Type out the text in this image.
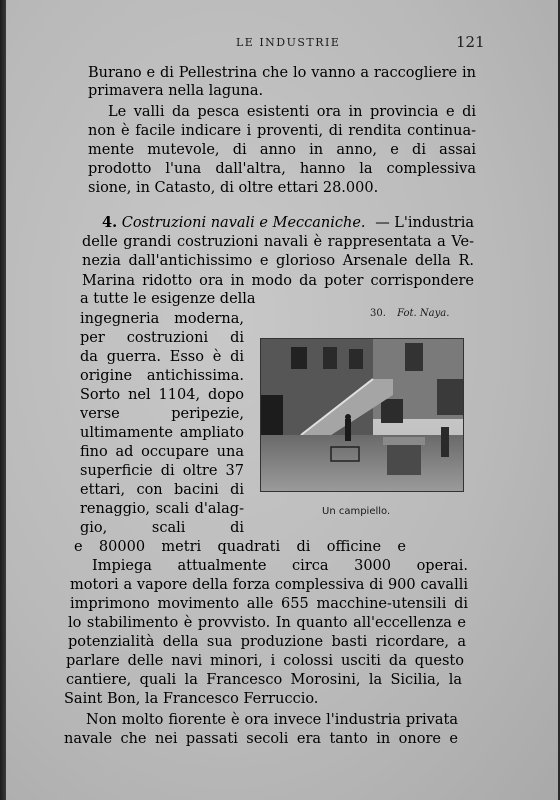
LE INDUSTRIE	121
Burano e di Pellestrina che lo vanno a raccogliere in
primavera nella laguna.
Le valli da pesca esistenti ora in provincia e di
non è facile indicare i proventi, di rendita continua-
mente mutevole, di anno in anno, e di assai
prodotto l'una dall'altra, hanno la complessiva
sione, in Catasto, di oltre ettari 28.000.
4. Costruzioni navali e Meccaniche. — L'industria
delle grandi costruzioni navali è rappresentata a Ve-
nezia dall'antichissimo e glorioso Arsenale della R.
Marina ridotto ora in modo da poter corrispondere
a tutte le esigenze della
ingegneria moderna,
per costruzioni di
da guerra. Esso è di
origine antichissima.
Sorto nel 1104, dopo
verse peripezie,
ultimamente ampliato
fino ad occupare una
superficie di oltre 37
ettari, con bacini di
renaggio, scali d'alag-
gio, scali di
30. Fot. Naya.
Un campiello.
e 80000 metri quadrati di officine e
Impiega attualmente circa 3000 operai.
motori a vapore della forza complessiva di 900 cavalli
imprimono movimento alle 655 macchine-utensili di
lo stabilimento è provvisto. In quanto all'eccellenza e
potenzialità della sua produzione basti ricordare, a
parlare delle navi minori, i colossi usciti da questo
cantiere, quali la Francesco Morosini, la Sicilia, la
Saint Bon, la Francesco Ferruccio.
Non molto fiorente è ora invece l'industria privata
navale che nei passati secoli era tanto in onore e
